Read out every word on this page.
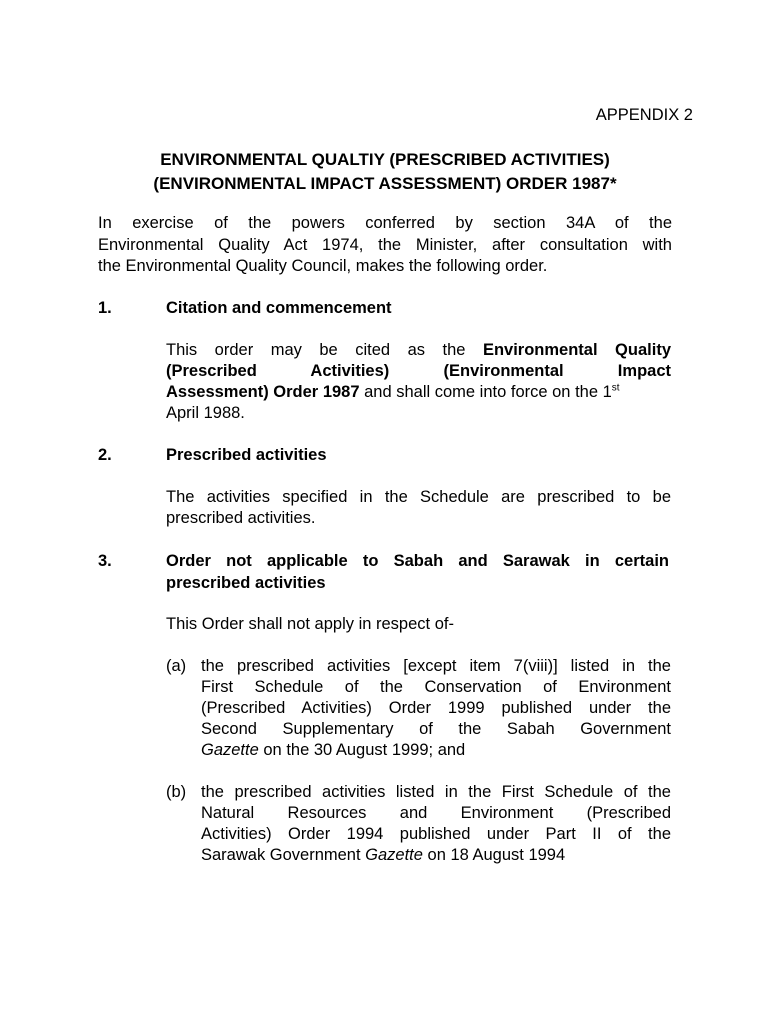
APPENDIX 2
ENVIRONMENTAL QUALTIY (PRESCRIBED ACTIVITIES)
(ENVIRONMENTAL IMPACT ASSESSMENT) ORDER 1987*
In exercise of the powers conferred by section 34A of the
Environmental Quality Act 1974, the Minister, after consultation with
the Environmental Quality Council, makes the following order.
1.	Citation and commencement
This order may be cited as the Environmental Quality
(Prescribed Activities) (Environmental Impact
Assessment) Order 1987 and shall come into force on the 1st
April 1988.
2.	Prescribed activities
The activities specified in the Schedule are prescribed to be
prescribed activities.
3.	Order not applicable to Sabah and Sarawak in certain
prescribed activities
This Order shall not apply in respect of-
(a) the prescribed activities [except item 7(viii)] listed in the
First Schedule of the Conservation of Environment
(Prescribed Activities) Order 1999 published under the
Second Supplementary of the Sabah Government
Gazette on the 30 August 1999; and
(b) the prescribed activities listed in the First Schedule of the
Natural Resources and Environment (Prescribed
Activities) Order 1994 published under Part II of the
Sarawak Government Gazette on 18 August 1994
